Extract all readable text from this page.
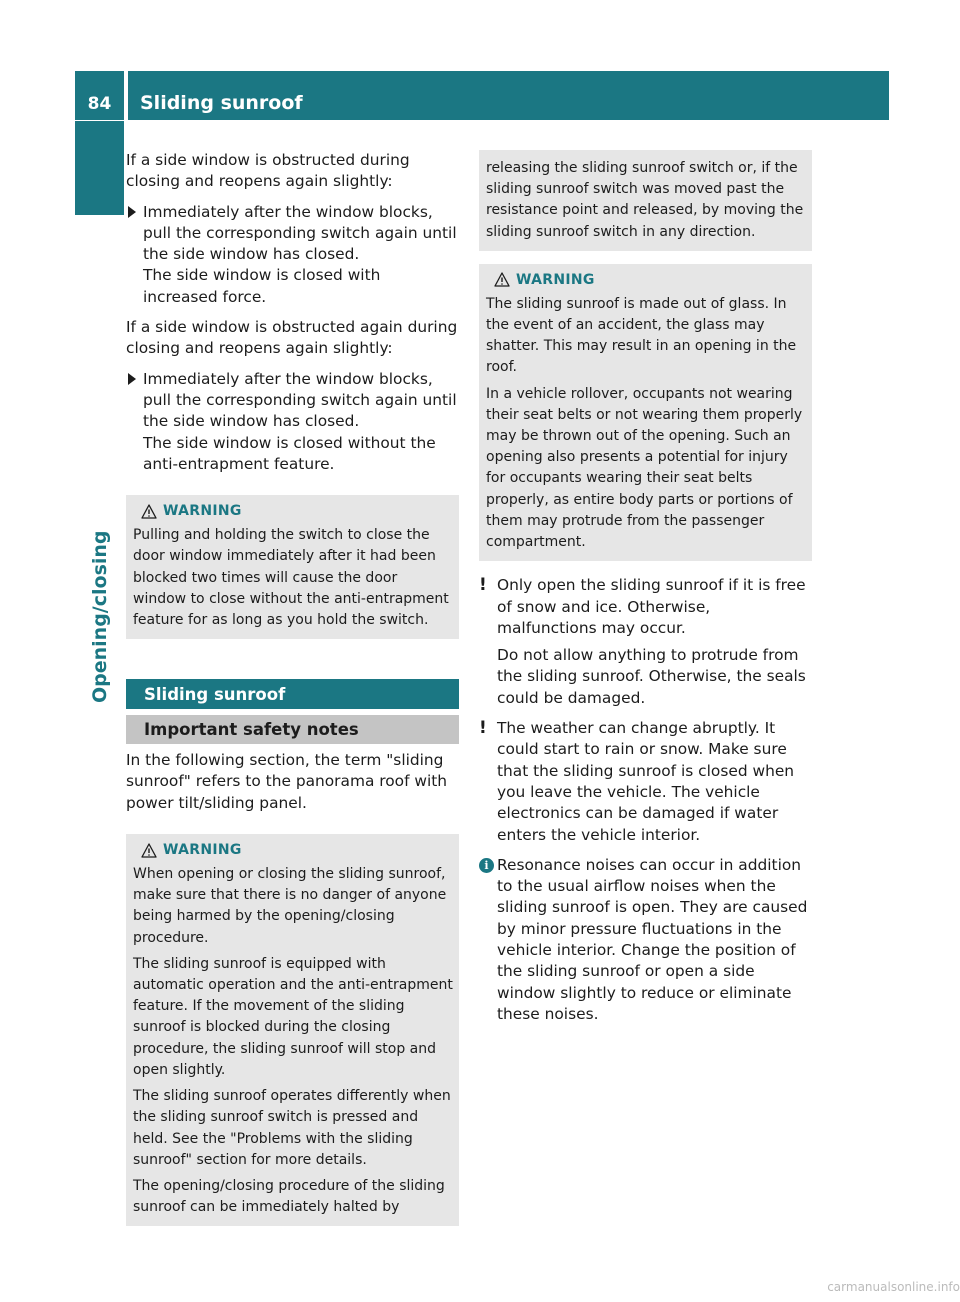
84	Sliding sunroof
Opening/closing

If a side window is obstructed during closing and reopens again slightly:

Immediately after the window blocks, pull the corresponding switch again until the side window has closed.
The side window is closed with increased force.

If a side window is obstructed again during closing and reopens again slightly:

Immediately after the window blocks, pull the corresponding switch again until the side window has closed.
The side window is closed without the anti-entrapment feature.
WARNING

Pulling and holding the switch to close the door window immediately after it had been blocked two times will cause the door window to close without the anti-entrapment feature for as long as you hold the switch.

Sliding sunroof
Important safety notes

In the following section, the term "sliding sunroof" refers to the panorama roof with power tilt/sliding panel.

WARNING

When opening or closing the sliding sunroof, make sure that there is no danger of anyone being harmed by the opening/closing procedure.

The sliding sunroof is equipped with automatic operation and the anti-entrapment feature. If the movement of the sliding sunroof is blocked during the closing procedure, the sliding sunroof will stop and open slightly.

The sliding sunroof operates differently when the sliding sunroof switch is pressed and held. See the "Problems with the sliding sunroof" section for more details.

The opening/closing procedure of the sliding sunroof can be immediately halted by

releasing the sliding sunroof switch or, if the sliding sunroof switch was moved past the resistance point and released, by moving the sliding sunroof switch in any direction.

WARNING

The sliding sunroof is made out of glass. In the event of an accident, the glass may shatter. This may result in an opening in the roof.

In a vehicle rollover, occupants not wearing their seat belts or not wearing them properly may be thrown out of the opening. Such an opening also presents a potential for injury for occupants wearing their seat belts properly, as entire body parts or portions of them may protrude from the passenger compartment.

! Only open the sliding sunroof if it is free of snow and ice. Otherwise, malfunctions may occur.

Do not allow anything to protrude from the sliding sunroof. Otherwise, the seals could be damaged.

! The weather can change abruptly. It could start to rain or snow. Make sure that the sliding sunroof is closed when you leave the vehicle. The vehicle electronics can be damaged if water enters the vehicle interior.

i Resonance noises can occur in addition to the usual airflow noises when the sliding sunroof is open. They are caused by minor pressure fluctuations in the vehicle interior. Change the position of the sliding sunroof or open a side window slightly to reduce or eliminate these noises.

carmanualsonline.info
